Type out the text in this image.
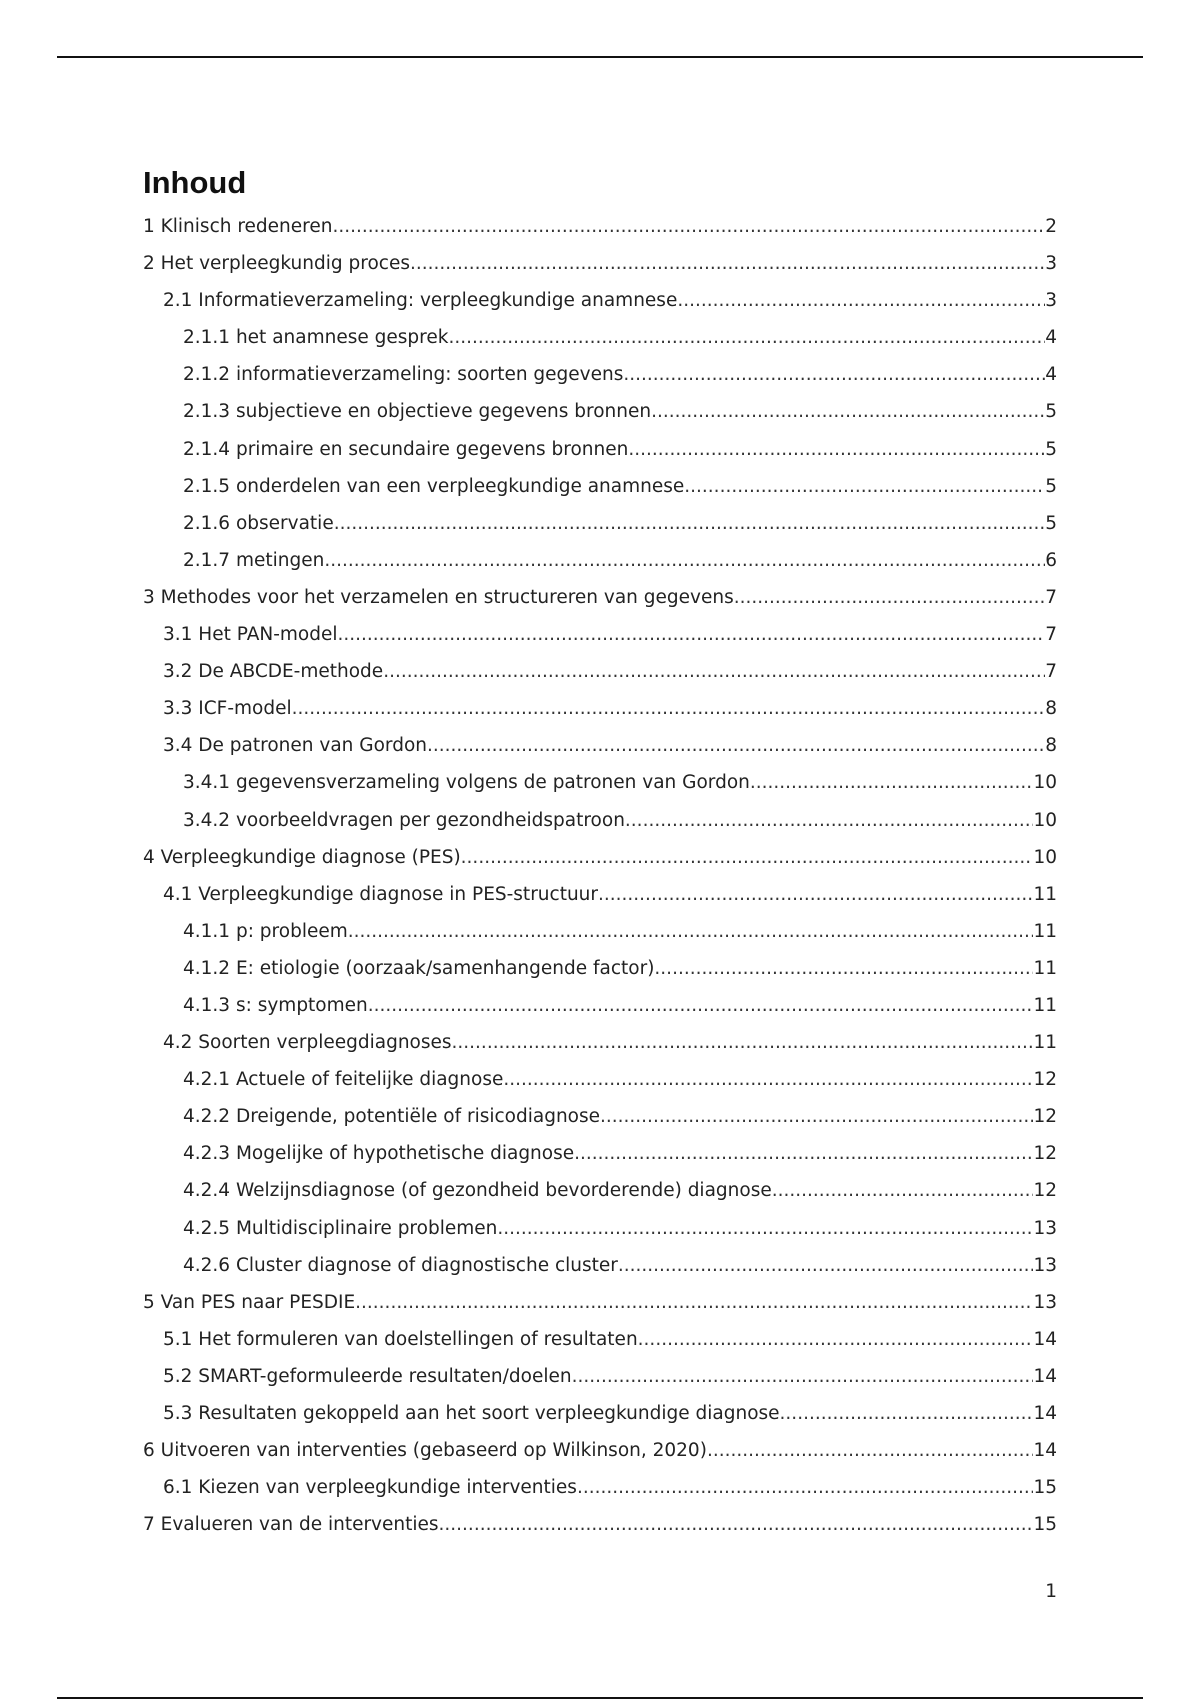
Inhoud
1 Klinisch redeneren .....	2
2 Het verpleegkundig proces .....	3
2.1 Informatieverzameling: verpleegkundige anamnese .....	3
2.1.1 het anamnese gesprek .....	4
2.1.2 informatieverzameling: soorten gegevens .....	4
2.1.3 subjectieve en objectieve gegevens bronnen .....	5
2.1.4 primaire en secundaire gegevens bronnen .....	5
2.1.5 onderdelen van een verpleegkundige anamnese .....	5
2.1.6 observatie .....	5
2.1.7 metingen .....	6
3 Methodes voor het verzamelen en structureren van gegevens .....	7
3.1 Het PAN-model .....	7
3.2 De ABCDE-methode .....	7
3.3 ICF-model .....	8
3.4 De patronen van Gordon .....	8
3.4.1 gegevensverzameling volgens de patronen van Gordon .....	10
3.4.2 voorbeeldvragen per gezondheidspatroon .....	10
4 Verpleegkundige diagnose (PES) .....	10
4.1 Verpleegkundige diagnose in PES-structuur .....	11
4.1.1 p: probleem .....	11
4.1.2 E: etiologie (oorzaak/samenhangende factor) .....	11
4.1.3 s: symptomen .....	11
4.2 Soorten verpleegdiagnoses .....	11
4.2.1 Actuele of feitelijke diagnose .....	12
4.2.2 Dreigende, potentiële of risicodiagnose .....	12
4.2.3 Mogelijke of hypothetische diagnose .....	12
4.2.4 Welzijnsdiagnose (of gezondheid bevorderende) diagnose .....	12
4.2.5 Multidisciplinaire problemen .....	13
4.2.6 Cluster diagnose of diagnostische cluster .....	13
5 Van PES naar PESDIE .....	13
5.1 Het formuleren van doelstellingen of resultaten .....	14
5.2 SMART-geformuleerde resultaten/doelen .....	14
5.3 Resultaten gekoppeld aan het soort verpleegkundige diagnose .....	14
6 Uitvoeren van interventies (gebaseerd op Wilkinson, 2020) .....	14
6.1 Kiezen van verpleegkundige interventies .....	15
7 Evalueren van de interventies .....	15
1
